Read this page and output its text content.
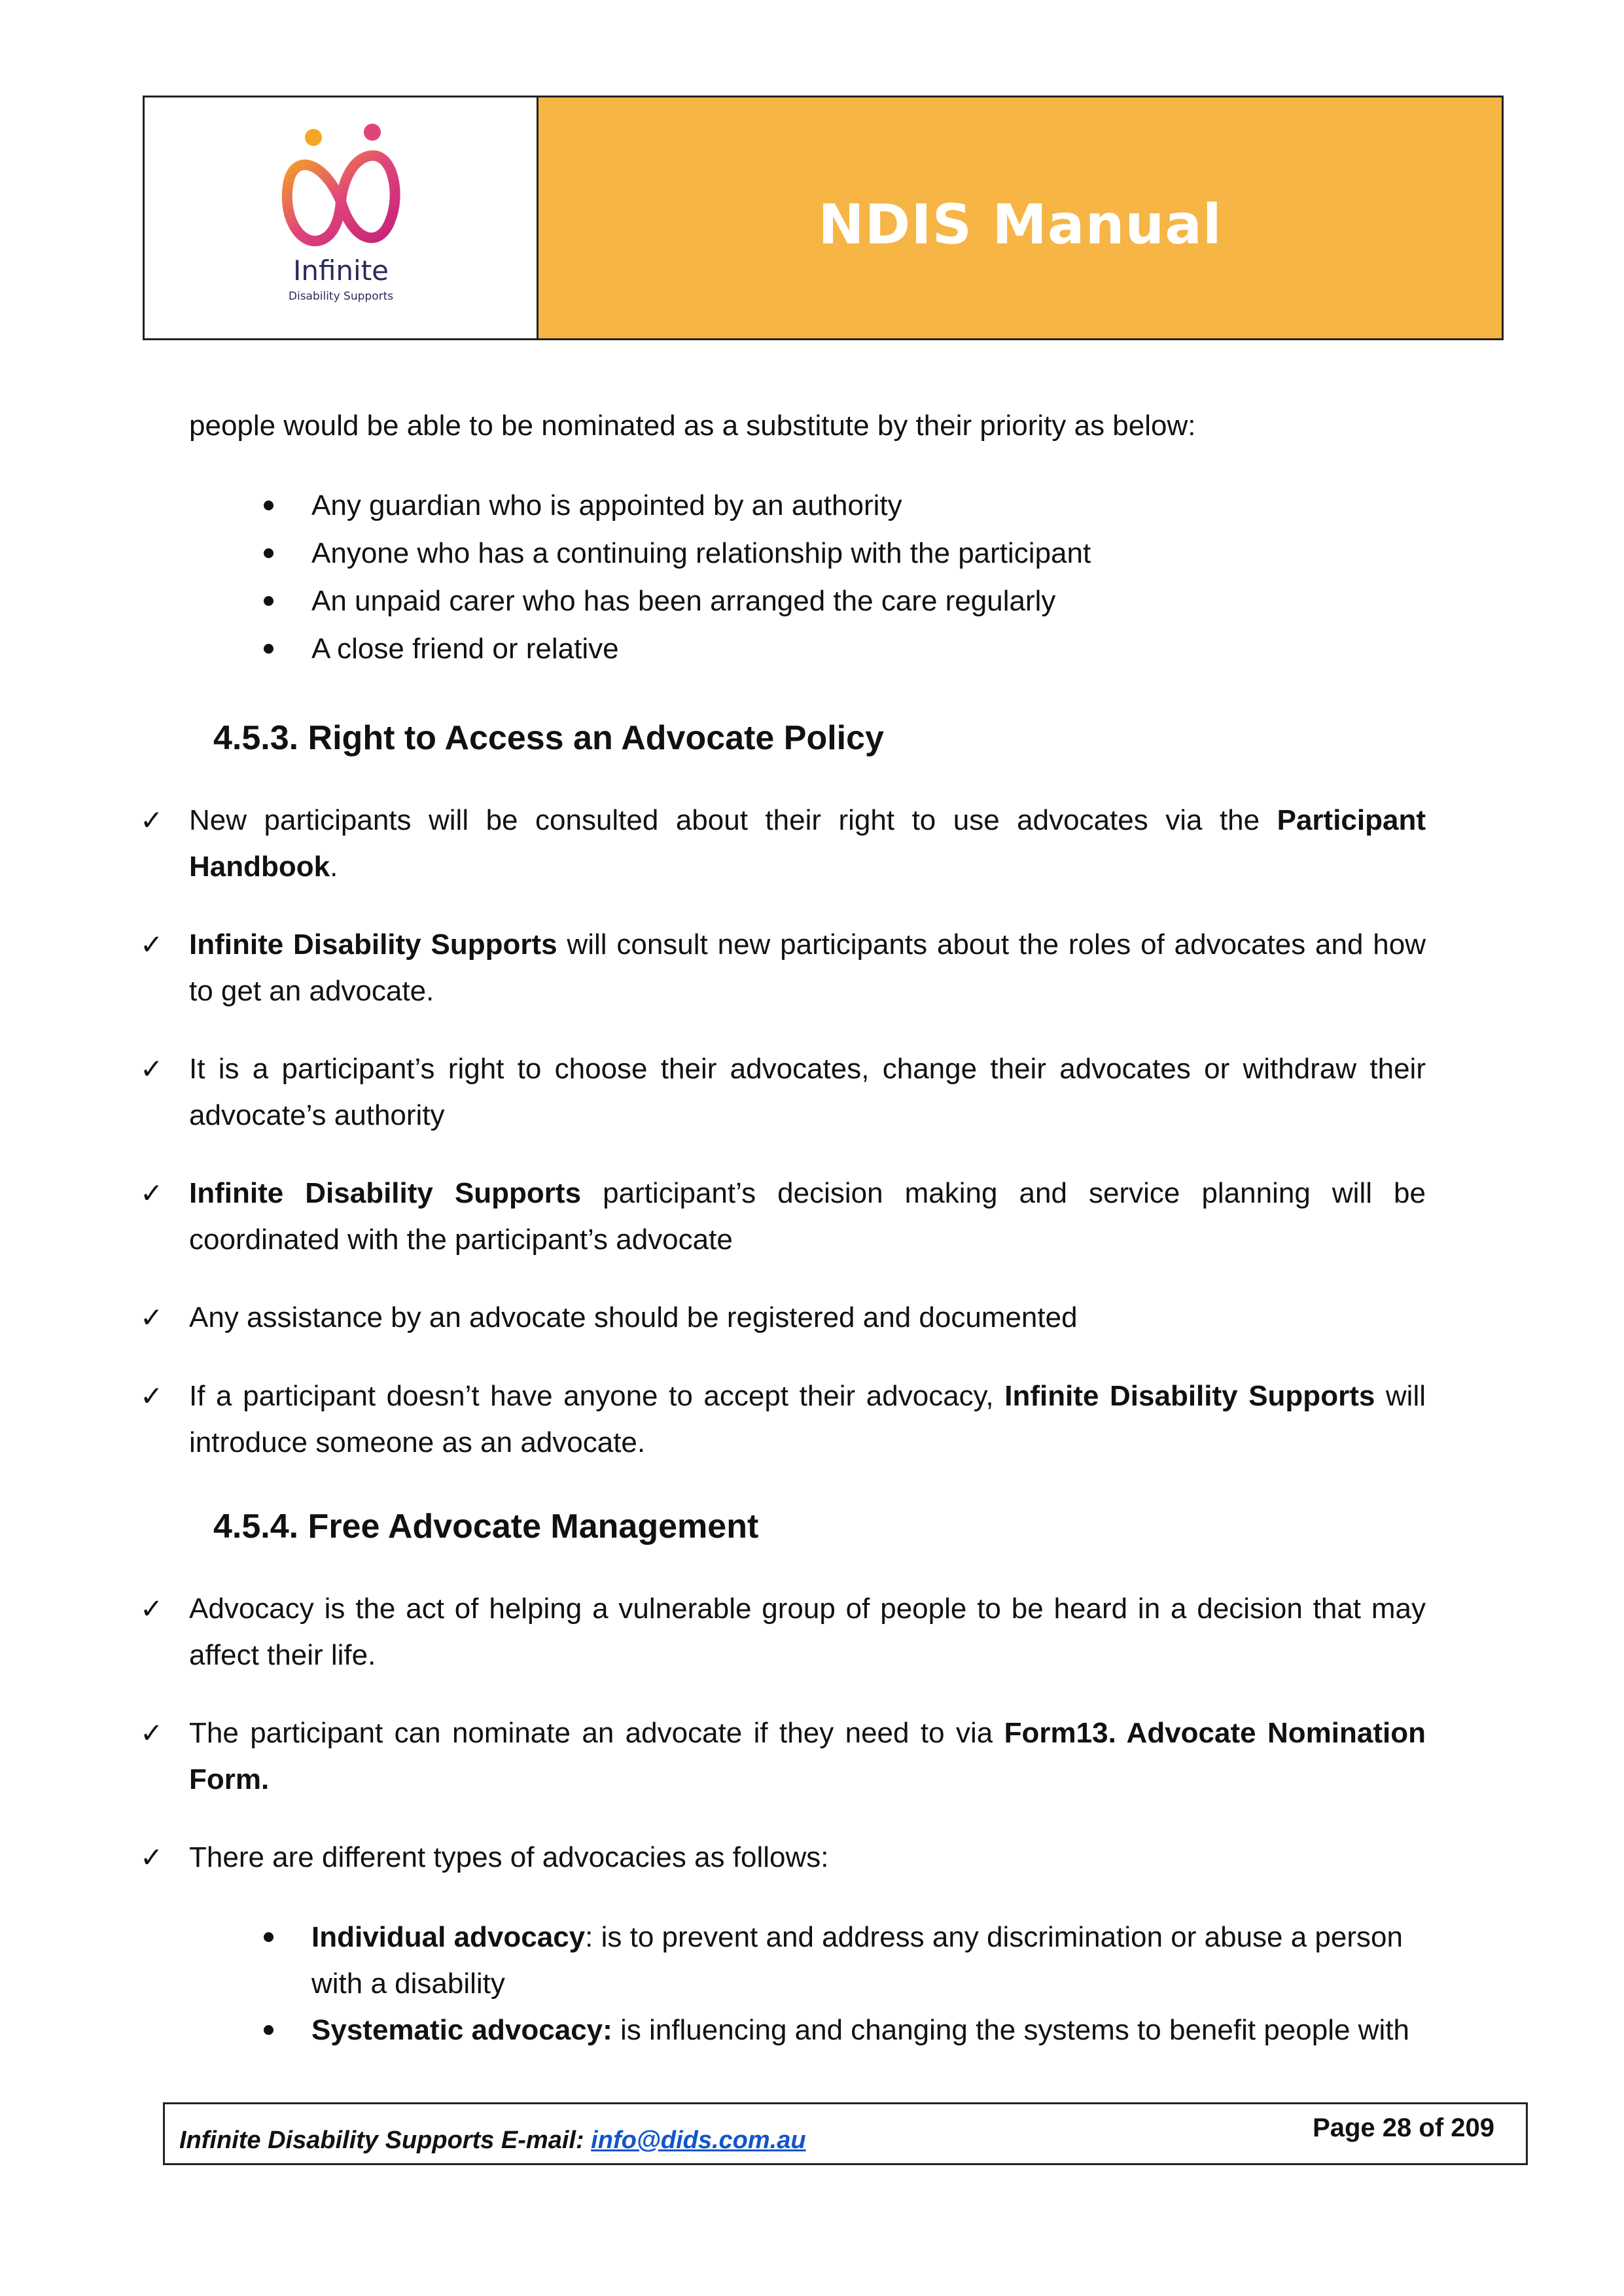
Infinite
Disability Supports
NDIS Manual

people would be able to be nominated as a substitute by their priority as below:

Any guardian who is appointed by an authority

Anyone who has a continuing relationship with the participant

An unpaid carer who has been arranged the care regularly

A close friend or relative

4.5.3. Right to Access an Advocate Policy

✓ New participants will be consulted about their right to use advocates via the Participant Handbook.

✓ Infinite Disability Supports will consult new participants about the roles of advocates and how to get an advocate.

✓ It is a participant’s right to choose their advocates, change their advocates or withdraw their advocate’s authority

✓ Infinite Disability Supports participant’s decision making and service planning will be coordinated with the participant’s advocate

✓ Any assistance by an advocate should be registered and documented

✓ If a participant doesn’t have anyone to accept their advocacy, Infinite Disability Supports will introduce someone as an advocate.

4.5.4. Free Advocate Management

✓ Advocacy is the act of helping a vulnerable group of people to be heard in a decision that may affect their life.

✓ The participant can nominate an advocate if they need to via Form13. Advocate Nomination Form.

✓ There are different types of advocacies as follows:

Individual advocacy: is to prevent and address any discrimination or abuse a person with a disability

Systematic advocacy: is influencing and changing the systems to benefit people with

Infinite Disability Supports E-mail: info@dids.com.au	Page 28 of 209
